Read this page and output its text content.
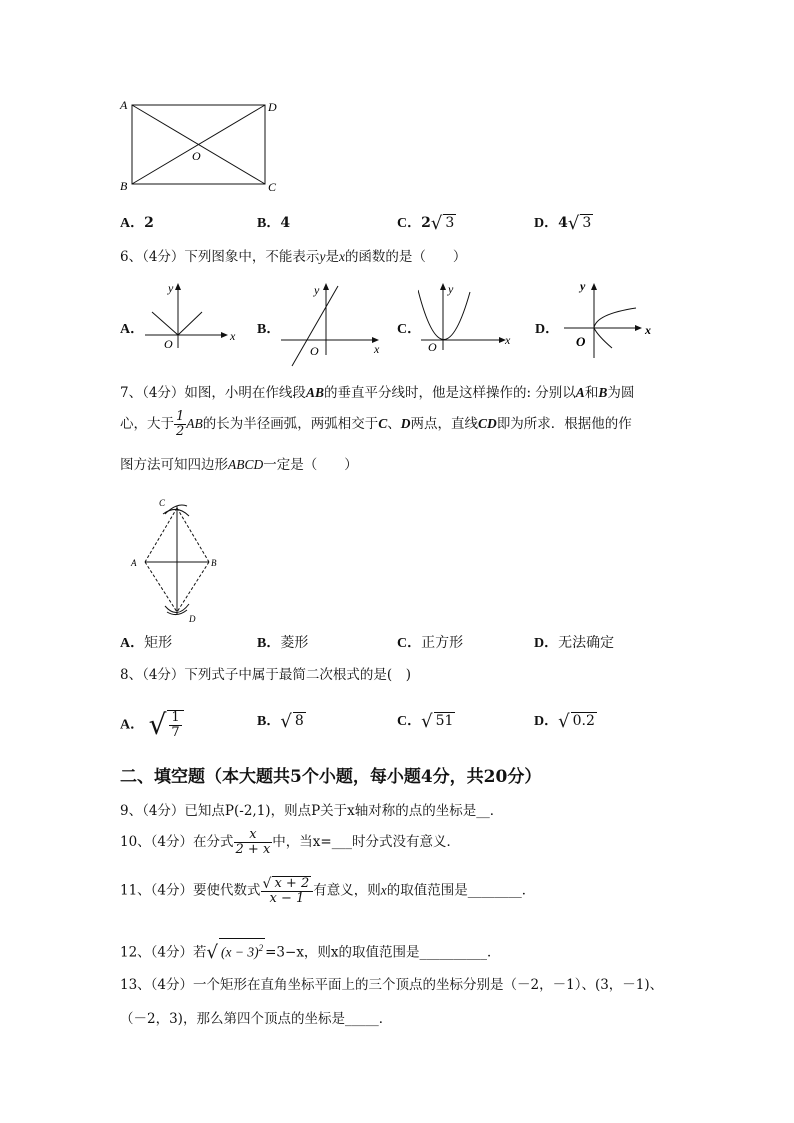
A	D
O
B	C
A．2	B．4	C．2√ 3	D．4√ 3
6、（4分）下列图象中，不能表示y是x的函数的是（　　）
A．
y
x
O
B．
y
x
O
C．
y
x
O
D．
y
x
O
7、（4分）如图，小明在作线段AB的垂直平分线时，他是这样操作的: 分别以A和B为圆
心，大于 $\frac{1}{2}$ AB的长为半径画弧，两弧相交于C、D两点，直线CD即为所求．根据他的作
图方法可知四边形ABCD一定是（　　）
C
A	B
D
A．矩形	B．菱形	C．正方形	D．无法确定
8、（4分）下列式子中属于最简二次根式的是(　)
A． √ $\frac{1}{7}$	B．√ 8	C．√ 51	D．√ 0.2
二、填空题（本大题共5个小题，每小题4分，共20分）
9、（4分）已知点P(-2,1)，则点P关于x轴对称的点的坐标是__．
10、（4分）在分式 $\frac{x}{2 + x}$ 中，当x=___时分式没有意义．
11、（4分）要使代数式 $\frac{√ x + 2}{x - 1}$ 有意义，则x的取值范围是________．
12、（4分）若√ $(x - 3)^2 =3-x$，则x的取值范围是__________．
13、（4分）一个矩形在直角坐标平面上的三个顶点的坐标分别是（－2，－1）、(3，－1)、
（－2，3)，那么第四个顶点的坐标是_____．
